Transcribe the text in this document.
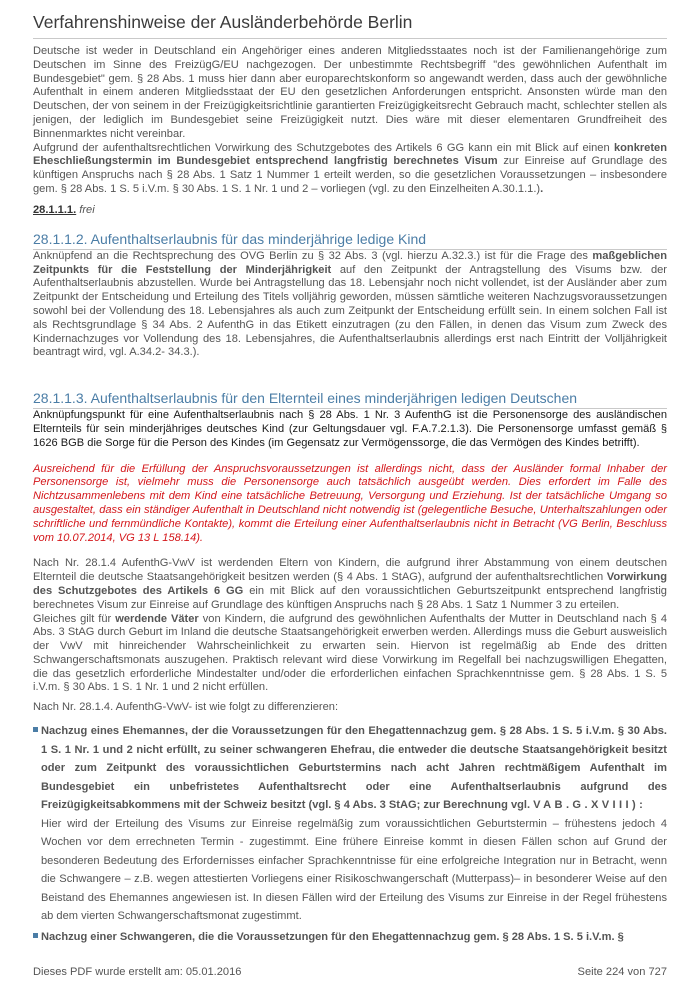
Verfahrenshinweise der Ausländerbehörde Berlin

Deutsche ist weder in Deutschland ein Angehöriger eines anderen Mitgliedsstaates noch ist der Familienangehörige zum Deutschen im Sinne des FreizügG/EU nachgezogen. Der unbestimmte Rechtsbegriff "des gewöhnlichen Aufenthalt im Bundesgebiet" gem. § 28 Abs. 1 muss hier dann aber europarechtskonform so angewandt werden, dass auch der gewöhnliche Aufenthalt in einem anderen Mitgliedsstaat der EU den gesetzlichen Anforderungen entspricht. Ansonsten würde man den Deutschen, der von seinem in der Freizügigkeitsrichtlinie garantierten Freizügigkeitsrecht Gebrauch macht, schlechter stellen als jenigen, der lediglich im Bundesgebiet seine Freizügigkeit nutzt. Dies wäre mit dieser elementaren Grundfreiheit des Binnenmarktes nicht vereinbar.

Aufgrund der aufenthaltsrechtlichen Vorwirkung des Schutzgebotes des Artikels 6 GG kann ein mit Blick auf einen konkreten Eheschließungstermin im Bundesgebiet entsprechend langfristig berechnetes Visum zur Einreise auf Grundlage des künftigen Anspruchs nach § 28 Abs. 1 Satz 1 Nummer 1 erteilt werden, so die gesetzlichen Voraussetzungen – insbesondere gem. § 28 Abs. 1 S. 5 i.V.m. § 30 Abs. 1 S. 1 Nr. 1 und 2 – vorliegen (vgl. zu den Einzelheiten A.30.1.1.).

28.1.1.1. frei

28.1.1.2. Aufenthaltserlaubnis für das minderjährige ledige Kind

Anknüpfend an die Rechtsprechung des OVG Berlin zu § 32 Abs. 3 (vgl. hierzu A.32.3.) ist für die Frage des maßgeblichen Zeitpunkts für die Feststellung der Minderjährigkeit auf den Zeitpunkt der Antragstellung des Visums bzw. der Aufenthaltserlaubnis abzustellen. Wurde bei Antragstellung das 18. Lebensjahr noch nicht vollendet, ist der Ausländer aber zum Zeitpunkt der Entscheidung und Erteilung des Titels volljährig geworden, müssen sämtliche weiteren Nachzugsvoraussetzungen sowohl bei der Vollendung des 18. Lebensjahres als auch zum Zeitpunkt der Entscheidung erfüllt sein. In einem solchen Fall ist als Rechtsgrundlage § 34 Abs. 2 AufenthG in das Etikett einzutragen (zu den Fällen, in denen das Visum zum Zweck des Kindernachzuges vor Vollendung des 18. Lebensjahres, die Aufenthaltserlaubnis allerdings erst nach Eintritt der Volljährigkeit beantragt wird, vgl. A.34.2- 34.3.).

28.1.1.3. Aufenthaltserlaubnis für den Elternteil eines minderjährigen ledigen Deutschen

Anknüpfungspunkt für eine Aufenthaltserlaubnis nach § 28 Abs. 1 Nr. 3 AufenthG ist die Personensorge des ausländischen Elternteils für sein minderjähriges deutsches Kind (zur Geltungsdauer vgl. F.A.7.2.1.3). Die Personensorge umfasst gemäß § 1626 BGB die Sorge für die Person des Kindes (im Gegensatz zur Vermögenssorge, die das Vermögen des Kindes betrifft).

Ausreichend für die Erfüllung der Anspruchsvoraussetzungen ist allerdings nicht, dass der Ausländer formal Inhaber der Personensorge ist, vielmehr muss die Personensorge auch tatsächlich ausgeübt werden. Dies erfordert im Falle des Nichtzusammenlebens mit dem Kind eine tatsächliche Betreuung, Versorgung und Erziehung. Ist der tatsächliche Umgang so ausgestaltet, dass ein ständiger Aufenthalt in Deutschland nicht notwendig ist (gelegentliche Besuche, Unterhaltszahlungen oder schriftliche und fernmündliche Kontakte), kommt die Erteilung einer Aufenthaltserlaubnis nicht in Betracht (VG Berlin, Beschluss vom 10.07.2014, VG 13 L 158.14).

Nach Nr. 28.1.4 AufenthG-VwV ist werdenden Eltern von Kindern, die aufgrund ihrer Abstammung von einem deutschen Elternteil die deutsche Staatsangehörigkeit besitzen werden (§ 4 Abs. 1 StAG), aufgrund der aufenthaltsrechtlichen Vorwirkung des Schutzgebotes des Artikels 6 GG ein mit Blick auf den voraussichtlichen Geburtszeitpunkt entsprechend langfristig berechnetes Visum zur Einreise auf Grundlage des künftigen Anspruchs nach § 28 Abs. 1 Satz 1 Nummer 3 zu erteilen.

Gleiches gilt für werdende Väter von Kindern, die aufgrund des gewöhnlichen Aufenthalts der Mutter in Deutschland nach § 4 Abs. 3 StAG durch Geburt im Inland die deutsche Staatsangehörigkeit erwerben werden. Allerdings muss die Geburt ausweislich der VwV mit hinreichender Wahrscheinlichkeit zu erwarten sein. Hiervon ist regelmäßig ab Ende des dritten Schwangerschaftsmonats auszugehen. Praktisch relevant wird diese Vorwirkung im Regelfall bei nachzugswilligen Ehegatten, die das gesetzlich erforderliche Mindestalter und/oder die erforderlichen einfachen Sprachkenntnisse gem. § 28 Abs. 1 S. 5 i.V.m. § 30 Abs. 1 S. 1 Nr. 1 und 2 nicht erfüllen.

Nach Nr. 28.1.4. AufenthG-VwV- ist wie folgt zu differenzieren:

Nachzug eines Ehemannes, der die Voraussetzungen für den Ehegattennachzug gem. § 28 Abs. 1 S. 5 i.V.m. § 30 Abs. 1 S. 1 Nr. 1 und 2 nicht erfüllt, zu seiner schwangeren Ehefrau, die entweder die deutsche Staatsangehörigkeit besitzt oder zum Zeitpunkt des voraussichtlichen Geburtstermins nach acht Jahren rechtmäßigem Aufenthalt im Bundesgebiet ein unbefristetes Aufenthaltsrecht oder eine Aufenthaltserlaubnis aufgrund des Freizügigkeitsabkommens mit der Schweiz besitzt (vgl. § 4 Abs. 3 StAG; zur Berechnung vgl. VAB.G.XVIII):

Hier wird der Erteilung des Visums zur Einreise regelmäßig zum voraussichtlichen Geburtstermin – frühestens jedoch 4 Wochen vor dem errechneten Termin - zugestimmt. Eine frühere Einreise kommt in diesen Fällen schon auf Grund der besonderen Bedeutung des Erfordernisses einfacher Sprachkenntnisse für eine erfolgreiche Integration nur in Betracht, wenn die Schwangere – z.B. wegen attestierten Vorliegens einer Risikoschwangerschaft (Mutterpass)– in besonderer Weise auf den Beistand des Ehemannes angewiesen ist. In diesen Fällen wird der Erteilung des Visums zur Einreise in der Regel frühestens ab dem vierten Schwangerschaftsmonat zugestimmt.

Nachzug einer Schwangeren, die die Voraussetzungen für den Ehegattennachzug gem. § 28 Abs. 1 S. 5 i.V.m. §

Dieses PDF wurde erstellt am: 05.01.2016	Seite 224 von 727
